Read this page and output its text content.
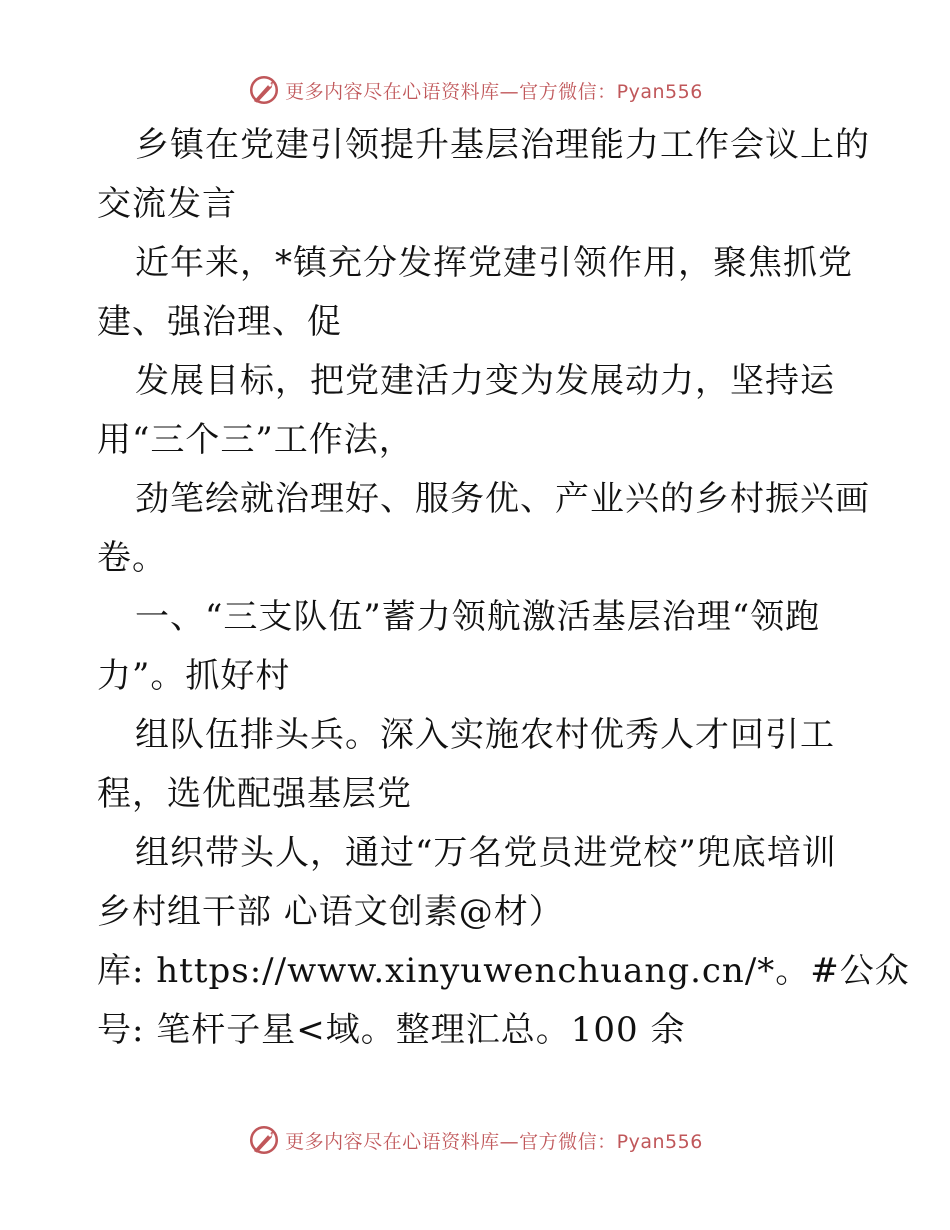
更多内容尽在心语资料库—官方微信：Pyan556
乡镇在党建引领提升基层治理能力工作会议上的
交流发言
近年来，*镇充分发挥党建引领作用，聚焦抓党
建、强治理、促
发展目标，把党建活力变为发展动力，坚持运
用“三个三”工作法，
劲笔绘就治理好、服务优、产业兴的乡村振兴画
卷。
一、“三支队伍”蓄力领航激活基层治理“领跑
力”。抓好村
组队伍排头兵。深入实施农村优秀人才回引工
程，选优配强基层党
组织带头人，通过“万名党员进党校”兜底培训
乡村组干部 心语文创素@材）
库: https://www.xinyuwenchuang.cn/*。#公众
号: 笔杆子星<域。整理汇总。100 余
更多内容尽在心语资料库—官方微信：Pyan556
